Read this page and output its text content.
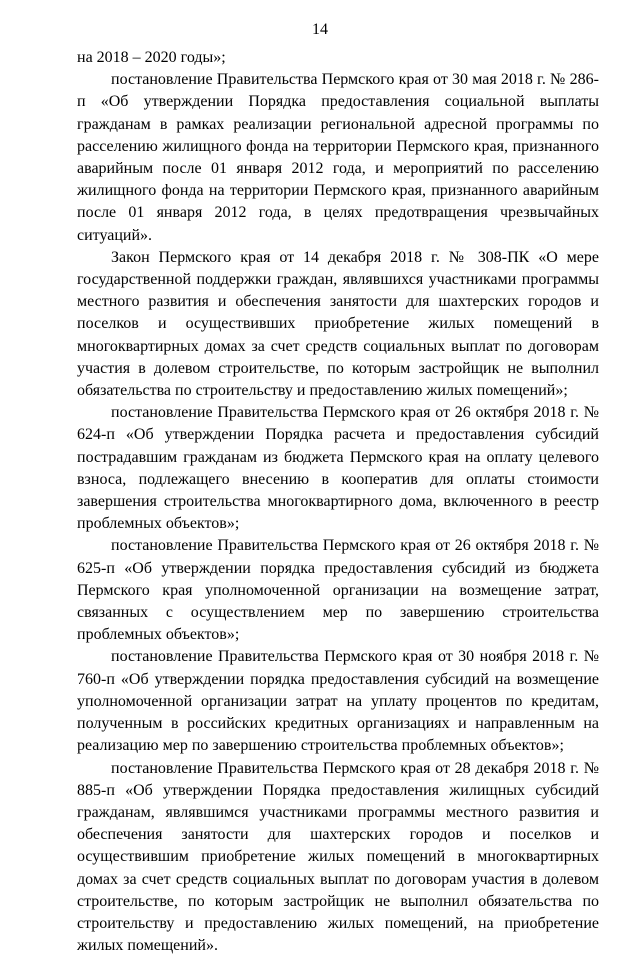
14

на 2018 – 2020 годы»;

постановление Правительства Пермского края от 30 мая 2018 г. № 286-п «Об утверждении Порядка предоставления социальной выплаты гражданам в рамках реализации региональной адресной программы по расселению жилищного фонда на территории Пермского края, признанного аварийным после 01 января 2012 года, и мероприятий по расселению жилищного фонда на территории Пермского края, признанного аварийным после 01 января 2012 года, в целях предотвращения чрезвычайных ситуаций».

Закон Пермского края от 14 декабря 2018 г. № 308-ПК «О мере государственной поддержки граждан, являвшихся участниками программы местного развития и обеспечения занятости для шахтерских городов и поселков и осуществивших приобретение жилых помещений в многоквартирных домах за счет средств социальных выплат по договорам участия в долевом строительстве, по которым застройщик не выполнил обязательства по строительству и предоставлению жилых помещений»;

постановление Правительства Пермского края от 26 октября 2018 г. № 624-п «Об утверждении Порядка расчета и предоставления субсидий пострадавшим гражданам из бюджета Пермского края на оплату целевого взноса, подлежащего внесению в кооператив для оплаты стоимости завершения строительства многоквартирного дома, включенного в реестр проблемных объектов»;

постановление Правительства Пермского края от 26 октября 2018 г. № 625-п «Об утверждении порядка предоставления субсидий из бюджета Пермского края уполномоченной организации на возмещение затрат, связанных с осуществлением мер по завершению строительства проблемных объектов»;

постановление Правительства Пермского края от 30 ноября 2018 г. № 760-п «Об утверждении порядка предоставления субсидий на возмещение уполномоченной организации затрат на уплату процентов по кредитам, полученным в российских кредитных организациях и направленным на реализацию мер по завершению строительства проблемных объектов»;

постановление Правительства Пермского края от 28 декабря 2018 г. № 885-п «Об утверждении Порядка предоставления жилищных субсидий гражданам, являвшимся участниками программы местного развития и обеспечения занятости для шахтерских городов и поселков и осуществившим приобретение жилых помещений в многоквартирных домах за счет средств социальных выплат по договорам участия в долевом строительстве, по которым застройщик не выполнил обязательства по строительству и предоставлению жилых помещений, на приобретение жилых помещений».
